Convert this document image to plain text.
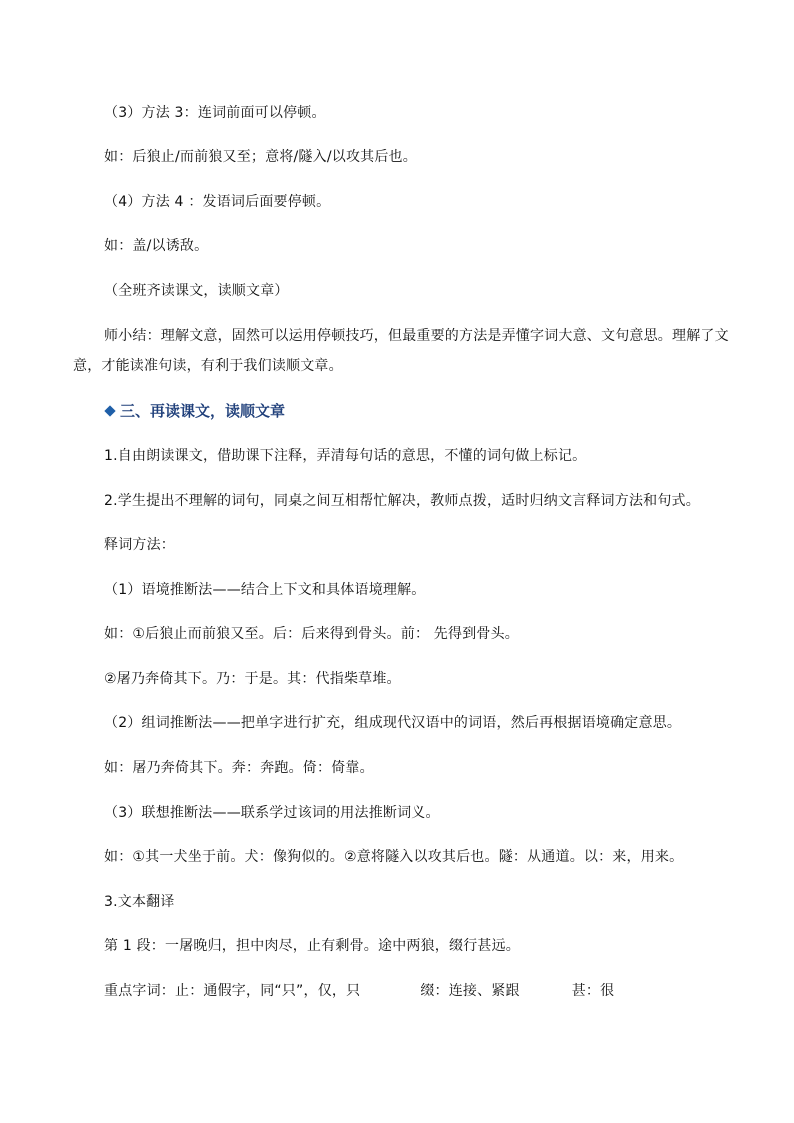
（3）方法 3：连词前面可以停顿。
如：后狼止/而前狼又至；意将/隧入/以攻其后也。
（4）方法 4 ：发语词后面要停顿。
如：盖/以诱敌。
（全班齐读课文，读顺文章）
师小结：理解文意，固然可以运用停顿技巧，但最重要的方法是弄懂字词大意、文句意思。理解了文
意，才能读准句读，有利于我们读顺文章。
三、再读课文，读顺文章
1.自由朗读课文，借助课下注释，弄清每句话的意思，不懂的词句做上标记。
2.学生提出不理解的词句，同桌之间互相帮忙解决，教师点拨，适时归纳文言释词方法和句式。
释词方法：
（1）语境推断法——结合上下文和具体语境理解。
如：①后狼止而前狼又至。后：后来得到骨头。前： 先得到骨头。
②屠乃奔倚其下。乃：于是。其：代指柴草堆。
（2）组词推断法——把单字进行扩充，组成现代汉语中的词语，然后再根据语境确定意思。
如：屠乃奔倚其下。奔：奔跑。倚：倚靠。
（3）联想推断法——联系学过该词的用法推断词义。
如：①其一犬坐于前。犬：像狗似的。②意将隧入以攻其后也。隧：从通道。以：来，用来。
3.文本翻译
第 1 段：一屠晚归，担中肉尽，止有剩骨。途中两狼，缀行甚远。
重点字词：止：通假字，同“只”，仅，只	缀：连接、紧跟	甚：很
